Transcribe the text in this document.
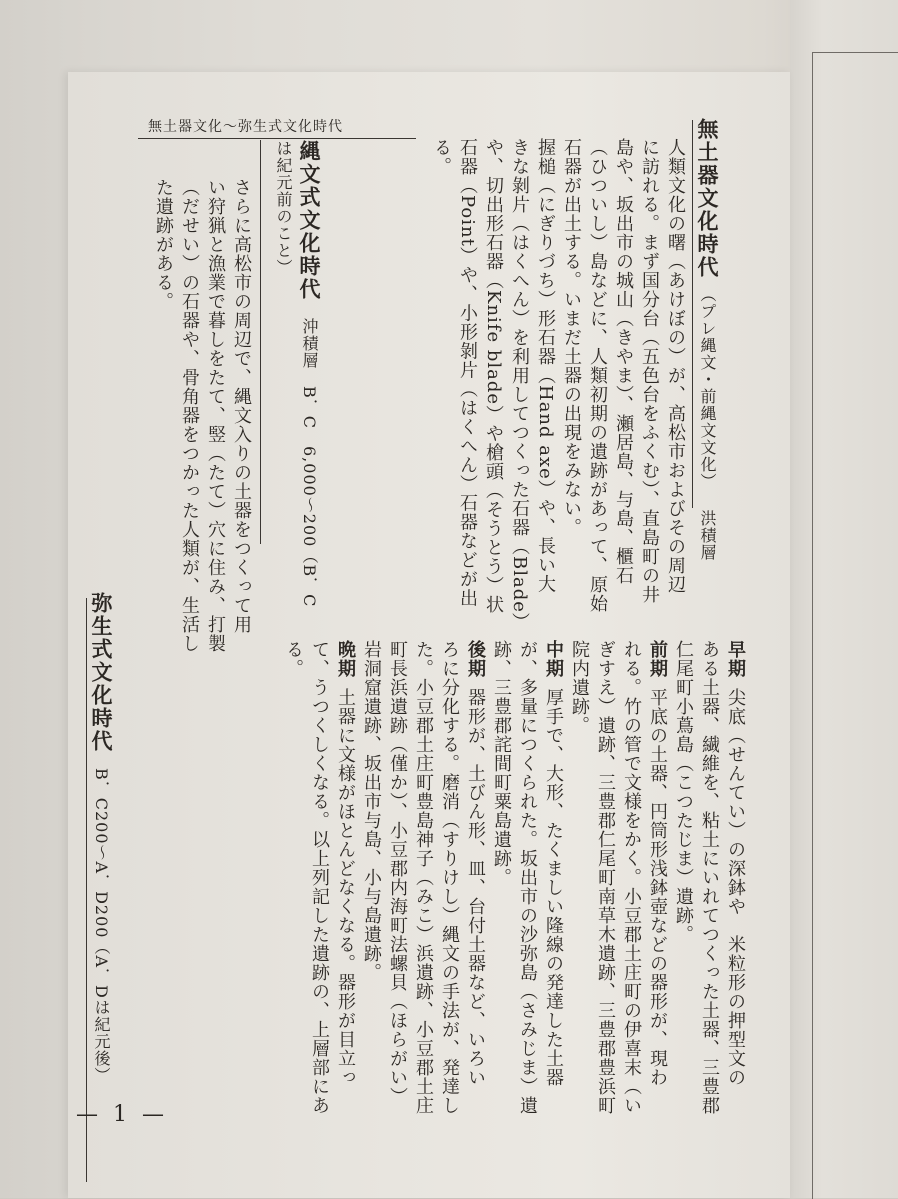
無土器文化〜弥生式文化時代	無土器文化時代 （プレ縄文・前縄文文化） 洪積層
人類文化の曙（あけぼの）が、高松市およびその周辺
に訪れる。まず国分台（五色台をふくむ）、直島町の井
島や、坂出市の城山（きやま）、瀬居島、与島、櫃石
（ひついし）島などに、人類初期の遺跡があって、原始
石器が出土する。いまだ土器の出現をみない。
握槌（にぎりづち）形石器（Hand axe）や、長い大
きな剝片（はくへん）を利用してつくった石器（Blade）
や、切出形石器（Knife blade）や槍頭（そうとう）状
石器（Point）や、小形剝片（はくへん）石器などが出
る。
縄文式文化時代 沖積層　B．C　6,000〜200（B．C
は紀元前のこと）
さらに高松市の周辺で、縄文入りの土器をつくって用
い狩猟と漁業で暮しをたて、竪（たて）穴に住み、打製
（だせい）の石器や、骨角器をつかった人類が、生活し
た遺跡がある。
早期尖底（せんてい）の深鉢や　米粒形の押型文の
ある土器、繊維を、粘土にいれてつくった土器、三豊郡
仁尾町小蔦島（こつたじま）遺跡。
前期平底の土器、円筒形浅鉢壺などの器形が、現わ
れる。竹の管で文様をかく。小豆郡土庄町の伊喜末（い
ぎすえ）遺跡、三豊郡仁尾町南草木遺跡、三豊郡豊浜町
院内遺跡。
中期厚手で、大形、たくましい隆線の発達した土器
が、多量につくられた。坂出市の沙弥島（さみじま）遺
跡、三豊郡詫間町粟島遺跡。
後期器形が、土びん形、皿、台付土器など、いろい
ろに分化する。磨消（すりけし）縄文の手法が、発達し
た。小豆郡土庄町豊島神子（みこ）浜遺跡、小豆郡土庄
町長浜遺跡（僅か）、小豆郡内海町法螺貝（ほらがい）
岩洞窟遺跡、坂出市与島、小与島遺跡。
晩期土器に文様がほとんどなくなる。器形が目立っ
て、うつくしくなる。以上列記した遺跡の、上層部にあ
る。
弥生式文化時代 B．C200〜A．D200（A．Dは紀元後）
— 1 —
